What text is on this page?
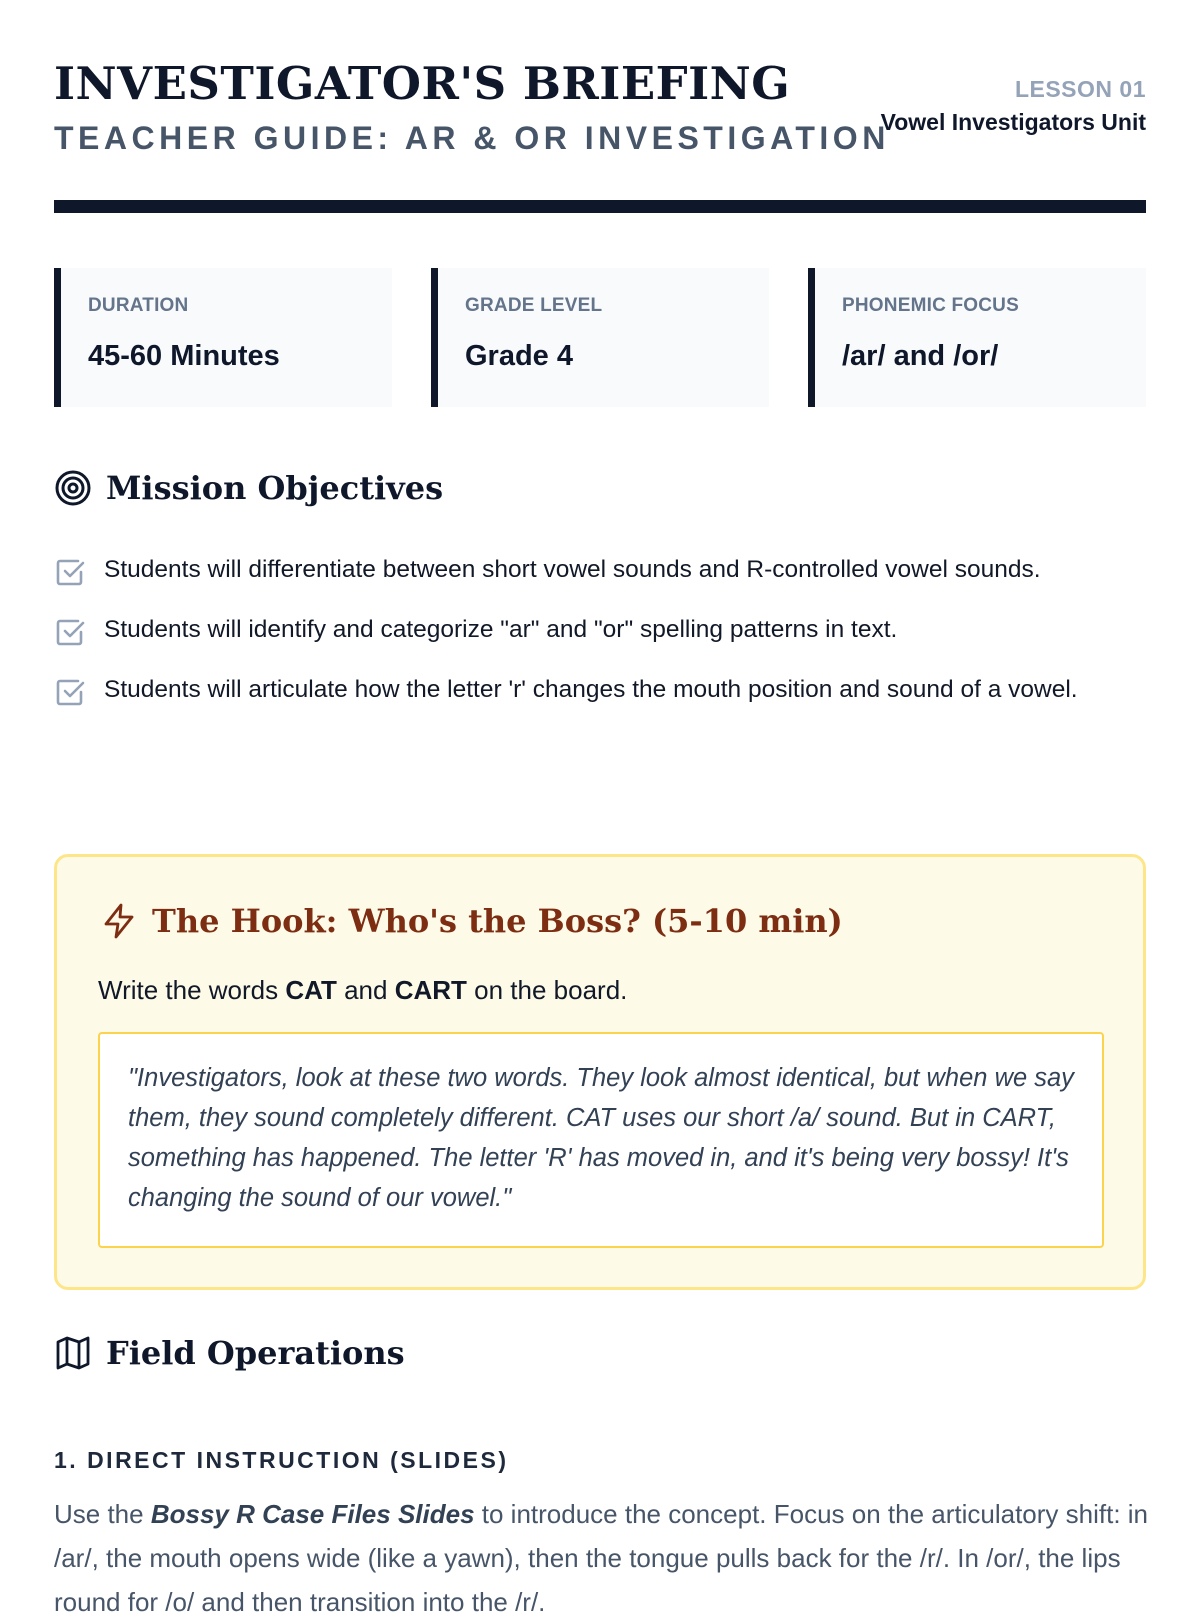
INVESTIGATOR'S BRIEFING
TEACHER GUIDE: AR & OR INVESTIGATION
LESSON 01
Vowel Investigators Unit
DURATION
45-60 Minutes
GRADE LEVEL
Grade 4
PHONEMIC FOCUS
/ar/ and /or/
Mission Objectives
Students will differentiate between short vowel sounds and R-controlled vowel sounds.
Students will identify and categorize "ar" and "or" spelling patterns in text.
Students will articulate how the letter 'r' changes the mouth position and sound of a vowel.
The Hook: Who's the Boss? (5-10 min)
Write the words CAT and CART on the board.
"Investigators, look at these two words. They look almost identical, but when we say them, they sound completely different. CAT uses our short /a/ sound. But in CART, something has happened. The letter 'R' has moved in, and it's being very bossy! It's changing the sound of our vowel."
Field Operations
1. DIRECT INSTRUCTION (SLIDES)

Use the Bossy R Case Files Slides to introduce the concept. Focus on the articulatory shift: in /ar/, the mouth opens wide (like a yawn), then the tongue pulls back for the /r/. In /or/, the lips round for /o/ and then transition into the /r/.
